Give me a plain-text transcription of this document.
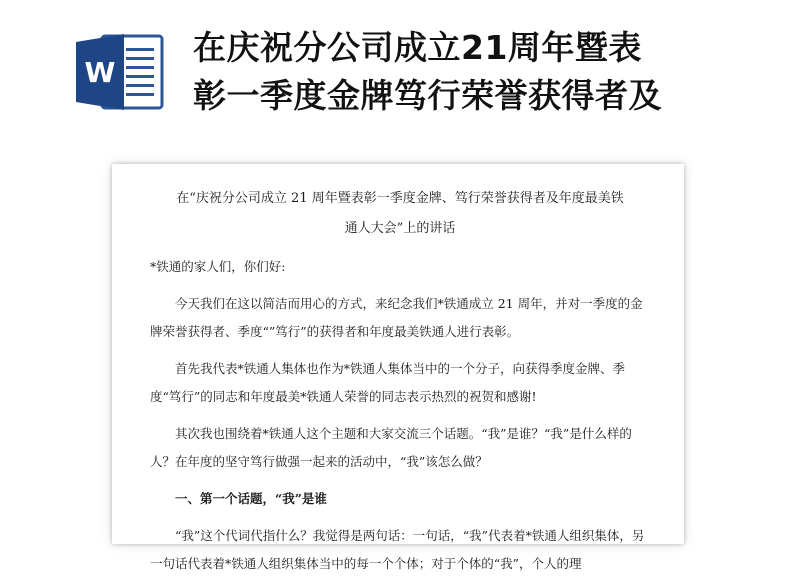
W
在庆祝分公司成立21周年暨表
彰一季度金牌笃行荣誉获得者及

在“庆祝分公司成立 21 周年暨表彰一季度金牌、笃行荣誉获得者及年度最美铁
通人大会”上的讲话

*铁通的家人们，你们好:

今天我们在这以简洁而用心的方式，来纪念我们*铁通成立 21 周年，并对一季度的金牌荣誉获得者、季度“”笃行”的获得者和年度最美铁通人进行表彰。

首先我代表*铁通人集体也作为*铁通人集体当中的一个分子，向获得季度金牌、季度“笃行”的同志和年度最美*铁通人荣誉的同志表示热烈的祝贺和感谢!

其次我也围绕着*铁通人这个主题和大家交流三个话题。“我”是谁？“我”是什么样的人？在年度的坚守笃行做强一起来的活动中，“我”该怎么做？

一、第一个话题，“我”是谁

“我”这个代词代指什么？我觉得是两句话：一句话，“我”代表着*铁通人组织集体，另一句话代表着*铁通人组织集体当中的每一个个体；对于个体的“我”，个人的理
